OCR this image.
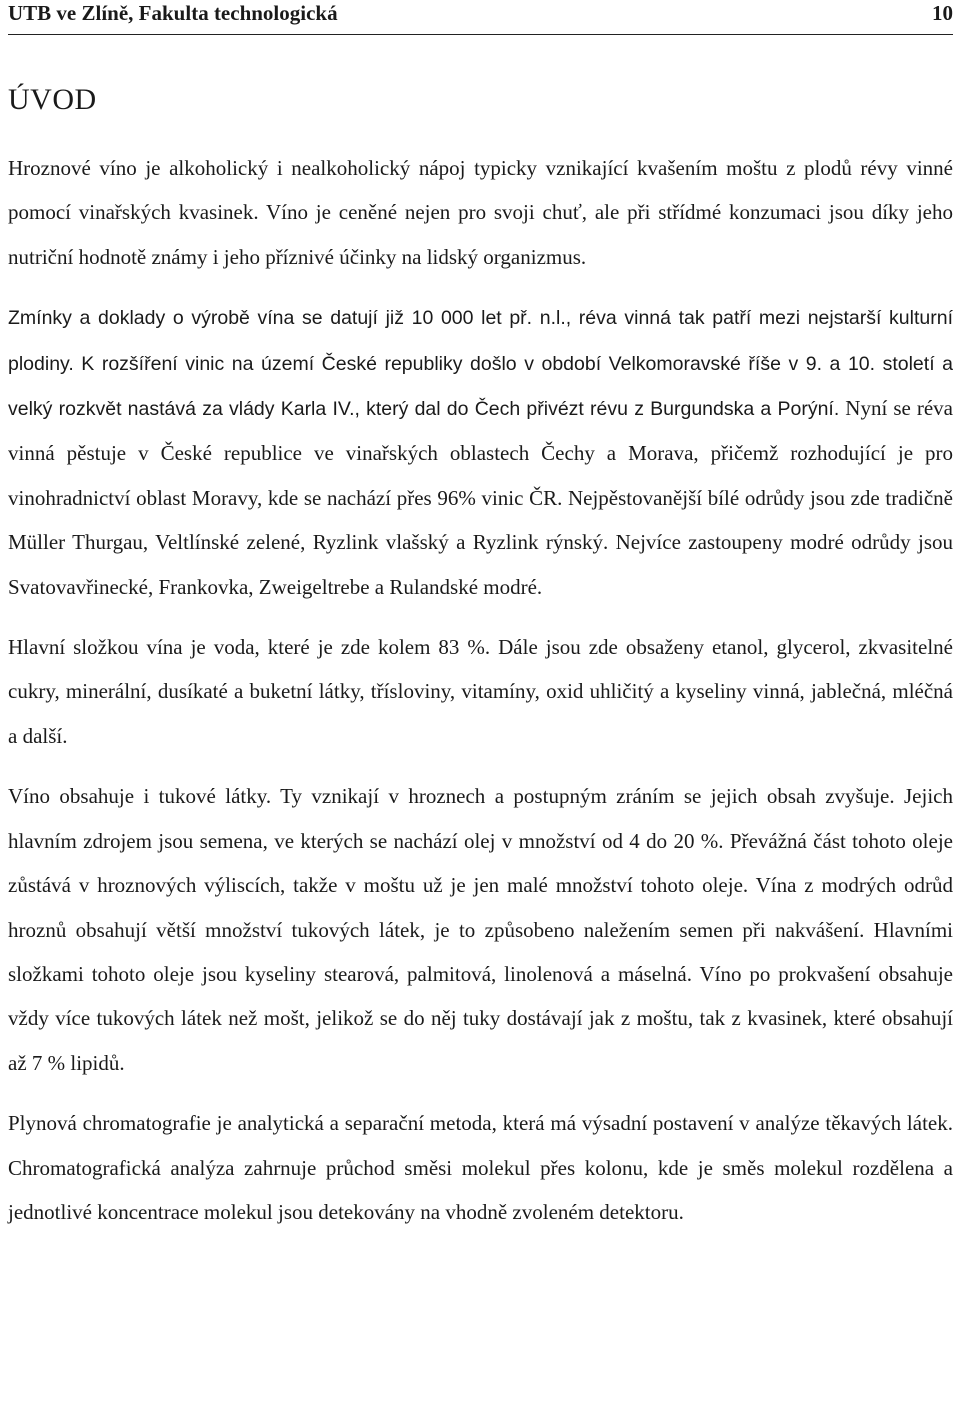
UTB ve Zlíně, Fakulta technologická	10
ÚVOD

Hroznové víno je alkoholický i nealkoholický nápoj typicky vznikající kvašením moštu z plodů révy vinné pomocí vinařských kvasinek. Víno je ceněné nejen pro svoji chuť, ale při střídmé konzumaci jsou díky jeho nutriční hodnotě známy i jeho příznivé účinky na lidský organizmus.

Zmínky a doklady o výrobě vína se datují již 10 000 let př. n.l., réva vinná tak patří mezi nejstarší kulturní plodiny. K rozšíření vinic na území České republiky došlo v období Velkomoravské říše v 9. a 10. století a velký rozkvět nastává za vlády Karla IV., který dal do Čech přivézt révu z Burgundska a Porýní. Nyní se réva vinná pěstuje v České republice ve vinařských oblastech Čechy a Morava, přičemž rozhodující je pro vinohradnictví oblast Moravy, kde se nachází přes 96% vinic ČR. Nejpěstovanější bílé odrůdy jsou zde tradičně Müller Thurgau, Veltlínské zelené, Ryzlink vlašský a Ryzlink rýnský. Nejvíce zastoupeny modré odrůdy jsou Svatovavřinecké, Frankovka, Zweigeltrebe a Rulandské modré.

Hlavní složkou vína je voda, které je zde kolem 83 %. Dále jsou zde obsaženy etanol, glycerol, zkvasitelné cukry, minerální, dusíkaté a buketní látky, třísloviny, vitamíny, oxid uhličitý a kyseliny vinná, jablečná, mléčná a další.

Víno obsahuje i tukové látky. Ty vznikají v hroznech a postupným zráním se jejich obsah zvyšuje. Jejich hlavním zdrojem jsou semena, ve kterých se nachází olej v množství od 4 do 20 %. Převážná část tohoto oleje zůstává v hroznových výliscích, takže v moštu už je jen malé množství tohoto oleje. Vína z modrých odrůd hroznů obsahují větší množství tukových látek, je to způsobeno naležením semen při nakvášení. Hlavními složkami tohoto oleje jsou kyseliny stearová, palmitová, linolenová a máselná. Víno po prokvašení obsahuje vždy více tukových látek než mošt, jelikož se do něj tuky dostávají jak z moštu, tak z kvasinek, které obsahují až 7 % lipidů.

Plynová chromatografie je analytická a separační metoda, která má výsadní postavení v analýze těkavých látek. Chromatografická analýza zahrnuje průchod směsi molekul přes kolonu, kde je směs molekul rozdělena a jednotlivé koncentrace molekul jsou detekovány na vhodně zvoleném detektoru.
